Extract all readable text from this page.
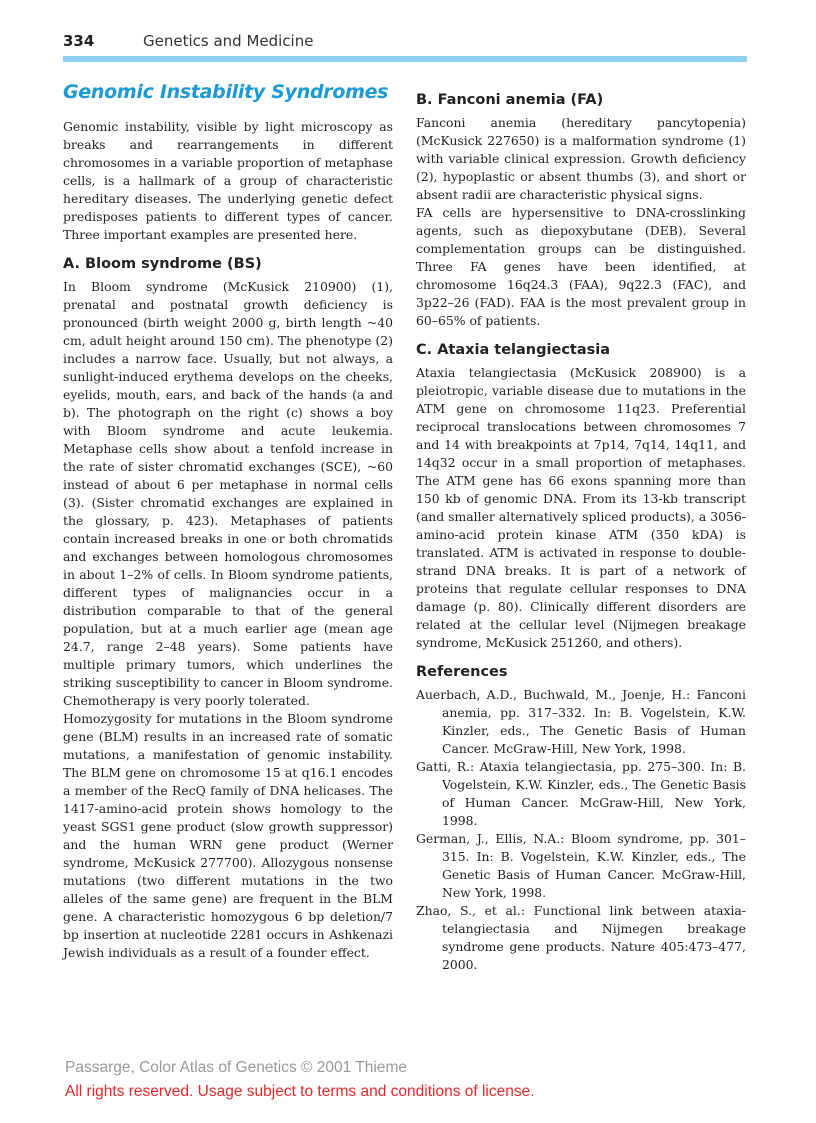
334	Genetics and Medicine
Genomic Instability Syndromes

Genomic instability, visible by light microscopy as breaks and rearrangements in different chromosomes in a variable proportion of metaphase cells, is a hallmark of a group of characteristic hereditary diseases. The underlying genetic defect predisposes patients to different types of cancer. Three important examples are presented here.

A. Bloom syndrome (BS)

In Bloom syndrome (McKusick 210900) (1), prenatal and postnatal growth deficiency is pronounced (birth weight 2000 g, birth length ~40 cm, adult height around 150 cm). The phenotype (2) includes a narrow face. Usually, but not always, a sunlight-induced erythema develops on the cheeks, eyelids, mouth, ears, and back of the hands (a and b). The photograph on the right (c) shows a boy with Bloom syndrome and acute leukemia. Metaphase cells show about a tenfold increase in the rate of sister chromatid exchanges (SCE), ~60 instead of about 6 per metaphase in normal cells (3). (Sister chromatid exchanges are explained in the glossary, p. 423). Metaphases of patients contain increased breaks in one or both chromatids and exchanges between homologous chromosomes in about 1–2% of cells. In Bloom syndrome patients, different types of malignancies occur in a distribution comparable to that of the general population, but at a much earlier age (mean age 24.7, range 2–48 years). Some patients have multiple primary tumors, which underlines the striking susceptibility to cancer in Bloom syndrome. Chemotherapy is very poorly tolerated.

Homozygosity for mutations in the Bloom syndrome gene (BLM) results in an increased rate of somatic mutations, a manifestation of genomic instability. The BLM gene on chromosome 15 at q16.1 encodes a member of the RecQ family of DNA helicases. The 1417-amino-acid protein shows homology to the yeast SGS1 gene product (slow growth suppressor) and the human WRN gene product (Werner syndrome, McKusick 277700). Allozygous nonsense mutations (two different mutations in the two alleles of the same gene) are frequent in the BLM gene. A characteristic homozygous 6 bp deletion/7 bp insertion at nucleotide 2281 occurs in Ashkenazi Jewish individuals as a result of a founder effect.

B. Fanconi anemia (FA)

Fanconi anemia (hereditary pancytopenia) (McKusick 227650) is a malformation syndrome (1) with variable clinical expression. Growth deficiency (2), hypoplastic or absent thumbs (3), and short or absent radii are characteristic physical signs.

FA cells are hypersensitive to DNA-crosslinking agents, such as diepoxybutane (DEB). Several complementation groups can be distinguished. Three FA genes have been identified, at chromosome 16q24.3 (FAA), 9q22.3 (FAC), and 3p22–26 (FAD). FAA is the most prevalent group in 60–65% of patients.

C. Ataxia telangiectasia

Ataxia telangiectasia (McKusick 208900) is a pleiotropic, variable disease due to mutations in the ATM gene on chromosome 11q23. Preferential reciprocal translocations between chromosomes 7 and 14 with breakpoints at 7p14, 7q14, 14q11, and 14q32 occur in a small proportion of metaphases. The ATM gene has 66 exons spanning more than 150 kb of genomic DNA. From its 13-kb transcript (and smaller alternatively spliced products), a 3056-amino-acid protein kinase ATM (350 kDA) is translated. ATM is activated in response to double-strand DNA breaks. It is part of a network of proteins that regulate cellular responses to DNA damage (p. 80). Clinically different disorders are related at the cellular level (Nijmegen breakage syndrome, McKusick 251260, and others).

References

Auerbach, A.D., Buchwald, M., Joenje, H.: Fanconi anemia, pp. 317–332. In: B. Vogelstein, K.W. Kinzler, eds., The Genetic Basis of Human Cancer. McGraw-Hill, New York, 1998.

Gatti, R.: Ataxia telangiectasia, pp. 275–300. In: B. Vogelstein, K.W. Kinzler, eds., The Genetic Basis of Human Cancer. McGraw-Hill, New York, 1998.

German, J., Ellis, N.A.: Bloom syndrome, pp. 301–315. In: B. Vogelstein, K.W. Kinzler, eds., The Genetic Basis of Human Cancer. McGraw-Hill, New York, 1998.

Zhao, S., et al.: Functional link between ataxia-telangiectasia and Nijmegen breakage syndrome gene products. Nature 405:473–477, 2000.

Passarge, Color Atlas of Genetics © 2001 Thieme
All rights reserved. Usage subject to terms and conditions of license.
